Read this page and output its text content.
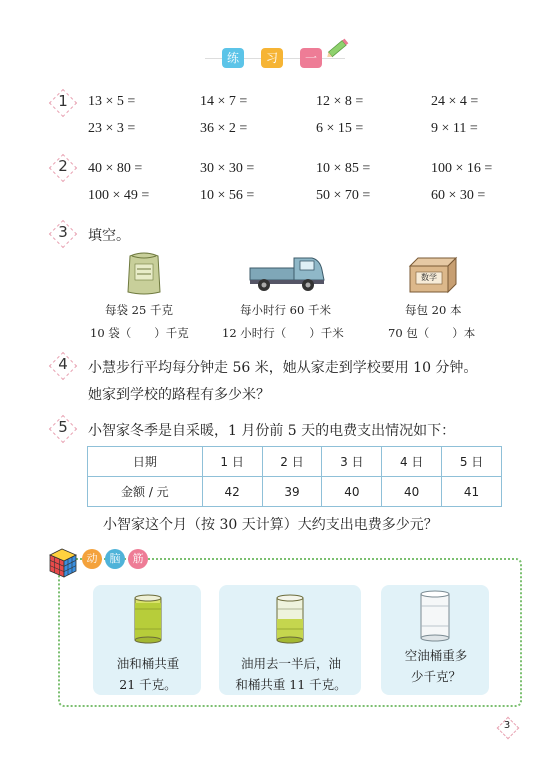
练	习	一
1	13 × 5 =	14 × 7 =	12 × 8 =	24 × 4 =
23 × 3 =	36 × 2 =	6 × 15 =	9 × 11 =
2	40 × 80 =	30 × 30 =	10 × 85 =	100 × 16 =
100 × 49 =	10 × 56 =	50 × 70 =	60 × 30 =
3	填空。
数学
每袋 25 千克	每小时行 60 千米	每包 20 本
10 袋（　　）千克	12 小时行（　　）千米	70 包（　　）本
4	小慧步行平均每分钟走 56 米，她从家走到学校要用 10 分钟。
她家到学校的路程有多少米？
5	小智家冬季是自采暖，1 月份前 5 天的电费支出情况如下：
日期	1 日	2 日	3 日	4 日	5 日
金额 / 元	42	39	40	40	41
小智家这个月（按 30 天计算）大约支出电费多少元？
动	脑	筋
油和桶共重
21 千克。
油用去一半后，油
和桶共重 11 千克。
空油桶重多
少千克？
3
